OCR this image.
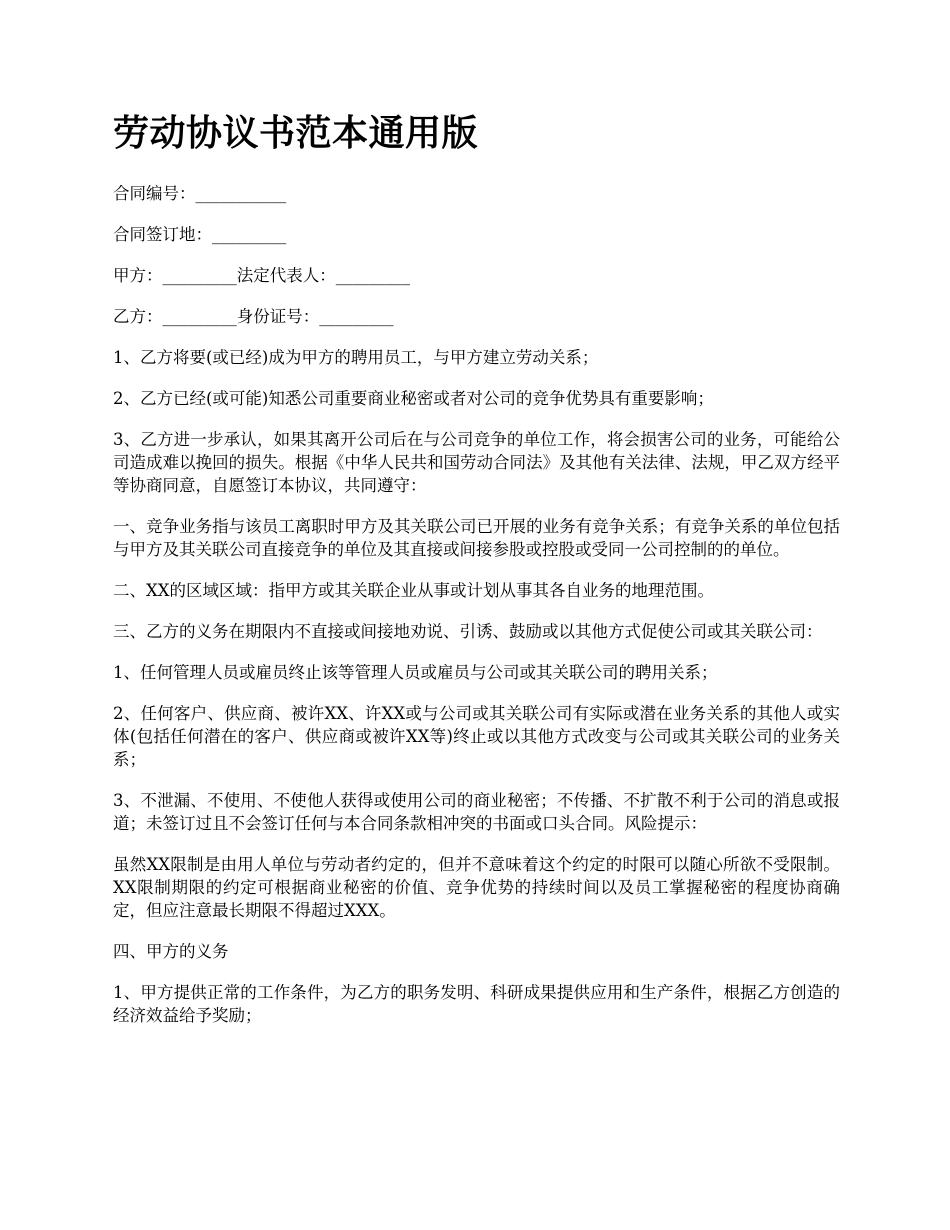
劳动协议书范本通用版

合同编号：___________

合同签订地：_________

甲方：_________法定代表人：_________

乙方：_________身份证号：_________

1、乙方将要(或已经)成为甲方的聘用员工，与甲方建立劳动关系；

2、乙方已经(或可能)知悉公司重要商业秘密或者对公司的竞争优势具有重要影响；

3、乙方进一步承认，如果其离开公司后在与公司竞争的单位工作，将会损害公司的业务，可能给公司造成难以挽回的损失。根据《中华人民共和国劳动合同法》及其他有关法律、法规，甲乙双方经平等协商同意，自愿签订本协议，共同遵守：

一、竞争业务指与该员工离职时甲方及其关联公司已开展的业务有竞争关系；有竞争关系的单位包括与甲方及其关联公司直接竞争的单位及其直接或间接参股或控股或受同一公司控制的的单位。

二、XX的区域区域：指甲方或其关联企业从事或计划从事其各自业务的地理范围。

三、乙方的义务在期限内不直接或间接地劝说、引诱、鼓励或以其他方式促使公司或其关联公司：

1、任何管理人员或雇员终止该等管理人员或雇员与公司或其关联公司的聘用关系；

2、任何客户、供应商、被许XX、许XX或与公司或其关联公司有实际或潜在业务关系的其他人或实体(包括任何潜在的客户、供应商或被许XX等)终止或以其他方式改变与公司或其关联公司的业务关系；

3、不泄漏、不使用、不使他人获得或使用公司的商业秘密；不传播、不扩散不利于公司的消息或报道；未签订过且不会签订任何与本合同条款相冲突的书面或口头合同。风险提示：

虽然XX限制是由用人单位与劳动者约定的，但并不意味着这个约定的时限可以随心所欲不受限制。XX限制期限的约定可根据商业秘密的价值、竞争优势的持续时间以及员工掌握秘密的程度协商确定，但应注意最长期限不得超过XXX。

四、甲方的义务

1、甲方提供正常的工作条件，为乙方的职务发明、科研成果提供应用和生产条件，根据乙方创造的经济效益给予奖励；
